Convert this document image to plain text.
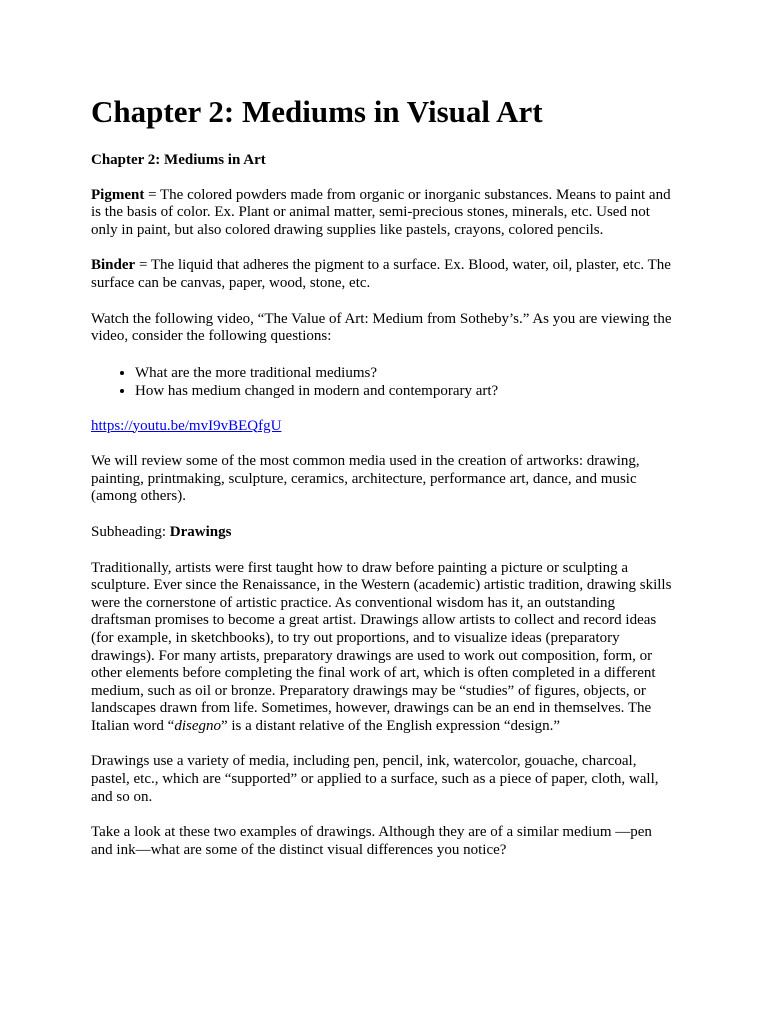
Chapter 2: Mediums in Visual Art

Chapter 2: Mediums in Art

Pigment = The colored powders made from organic or inorganic substances. Means to paint and is the basis of color. Ex. Plant or animal matter, semi-precious stones, minerals, etc. Used not only in paint, but also colored drawing supplies like pastels, crayons, colored pencils.

Binder = The liquid that adheres the pigment to a surface. Ex. Blood, water, oil, plaster, etc. The surface can be canvas, paper, wood, stone, etc.

Watch the following video, “The Value of Art: Medium from Sotheby’s.” As you are viewing the video, consider the following questions:

• What are the more traditional mediums?
• How has medium changed in modern and contemporary art?

https://youtu.be/mvI9vBEQfgU

We will review some of the most common media used in the creation of artworks: drawing, painting, printmaking, sculpture, ceramics, architecture, performance art, dance, and music (among others).

Subheading: Drawings

Traditionally, artists were first taught how to draw before painting a picture or sculpting a sculpture. Ever since the Renaissance, in the Western (academic) artistic tradition, drawing skills were the cornerstone of artistic practice. As conventional wisdom has it, an outstanding draftsman promises to become a great artist. Drawings allow artists to collect and record ideas (for example, in sketchbooks), to try out proportions, and to visualize ideas (preparatory drawings). For many artists, preparatory drawings are used to work out composition, form, or other elements before completing the final work of art, which is often completed in a different medium, such as oil or bronze. Preparatory drawings may be “studies” of figures, objects, or landscapes drawn from life. Sometimes, however, drawings can be an end in themselves. The Italian word “disegno” is a distant relative of the English expression “design.”

Drawings use a variety of media, including pen, pencil, ink, watercolor, gouache, charcoal, pastel, etc., which are “supported” or applied to a surface, such as a piece of paper, cloth, wall, and so on.

Take a look at these two examples of drawings. Although they are of a similar medium —pen and ink—what are some of the distinct visual differences you notice?
